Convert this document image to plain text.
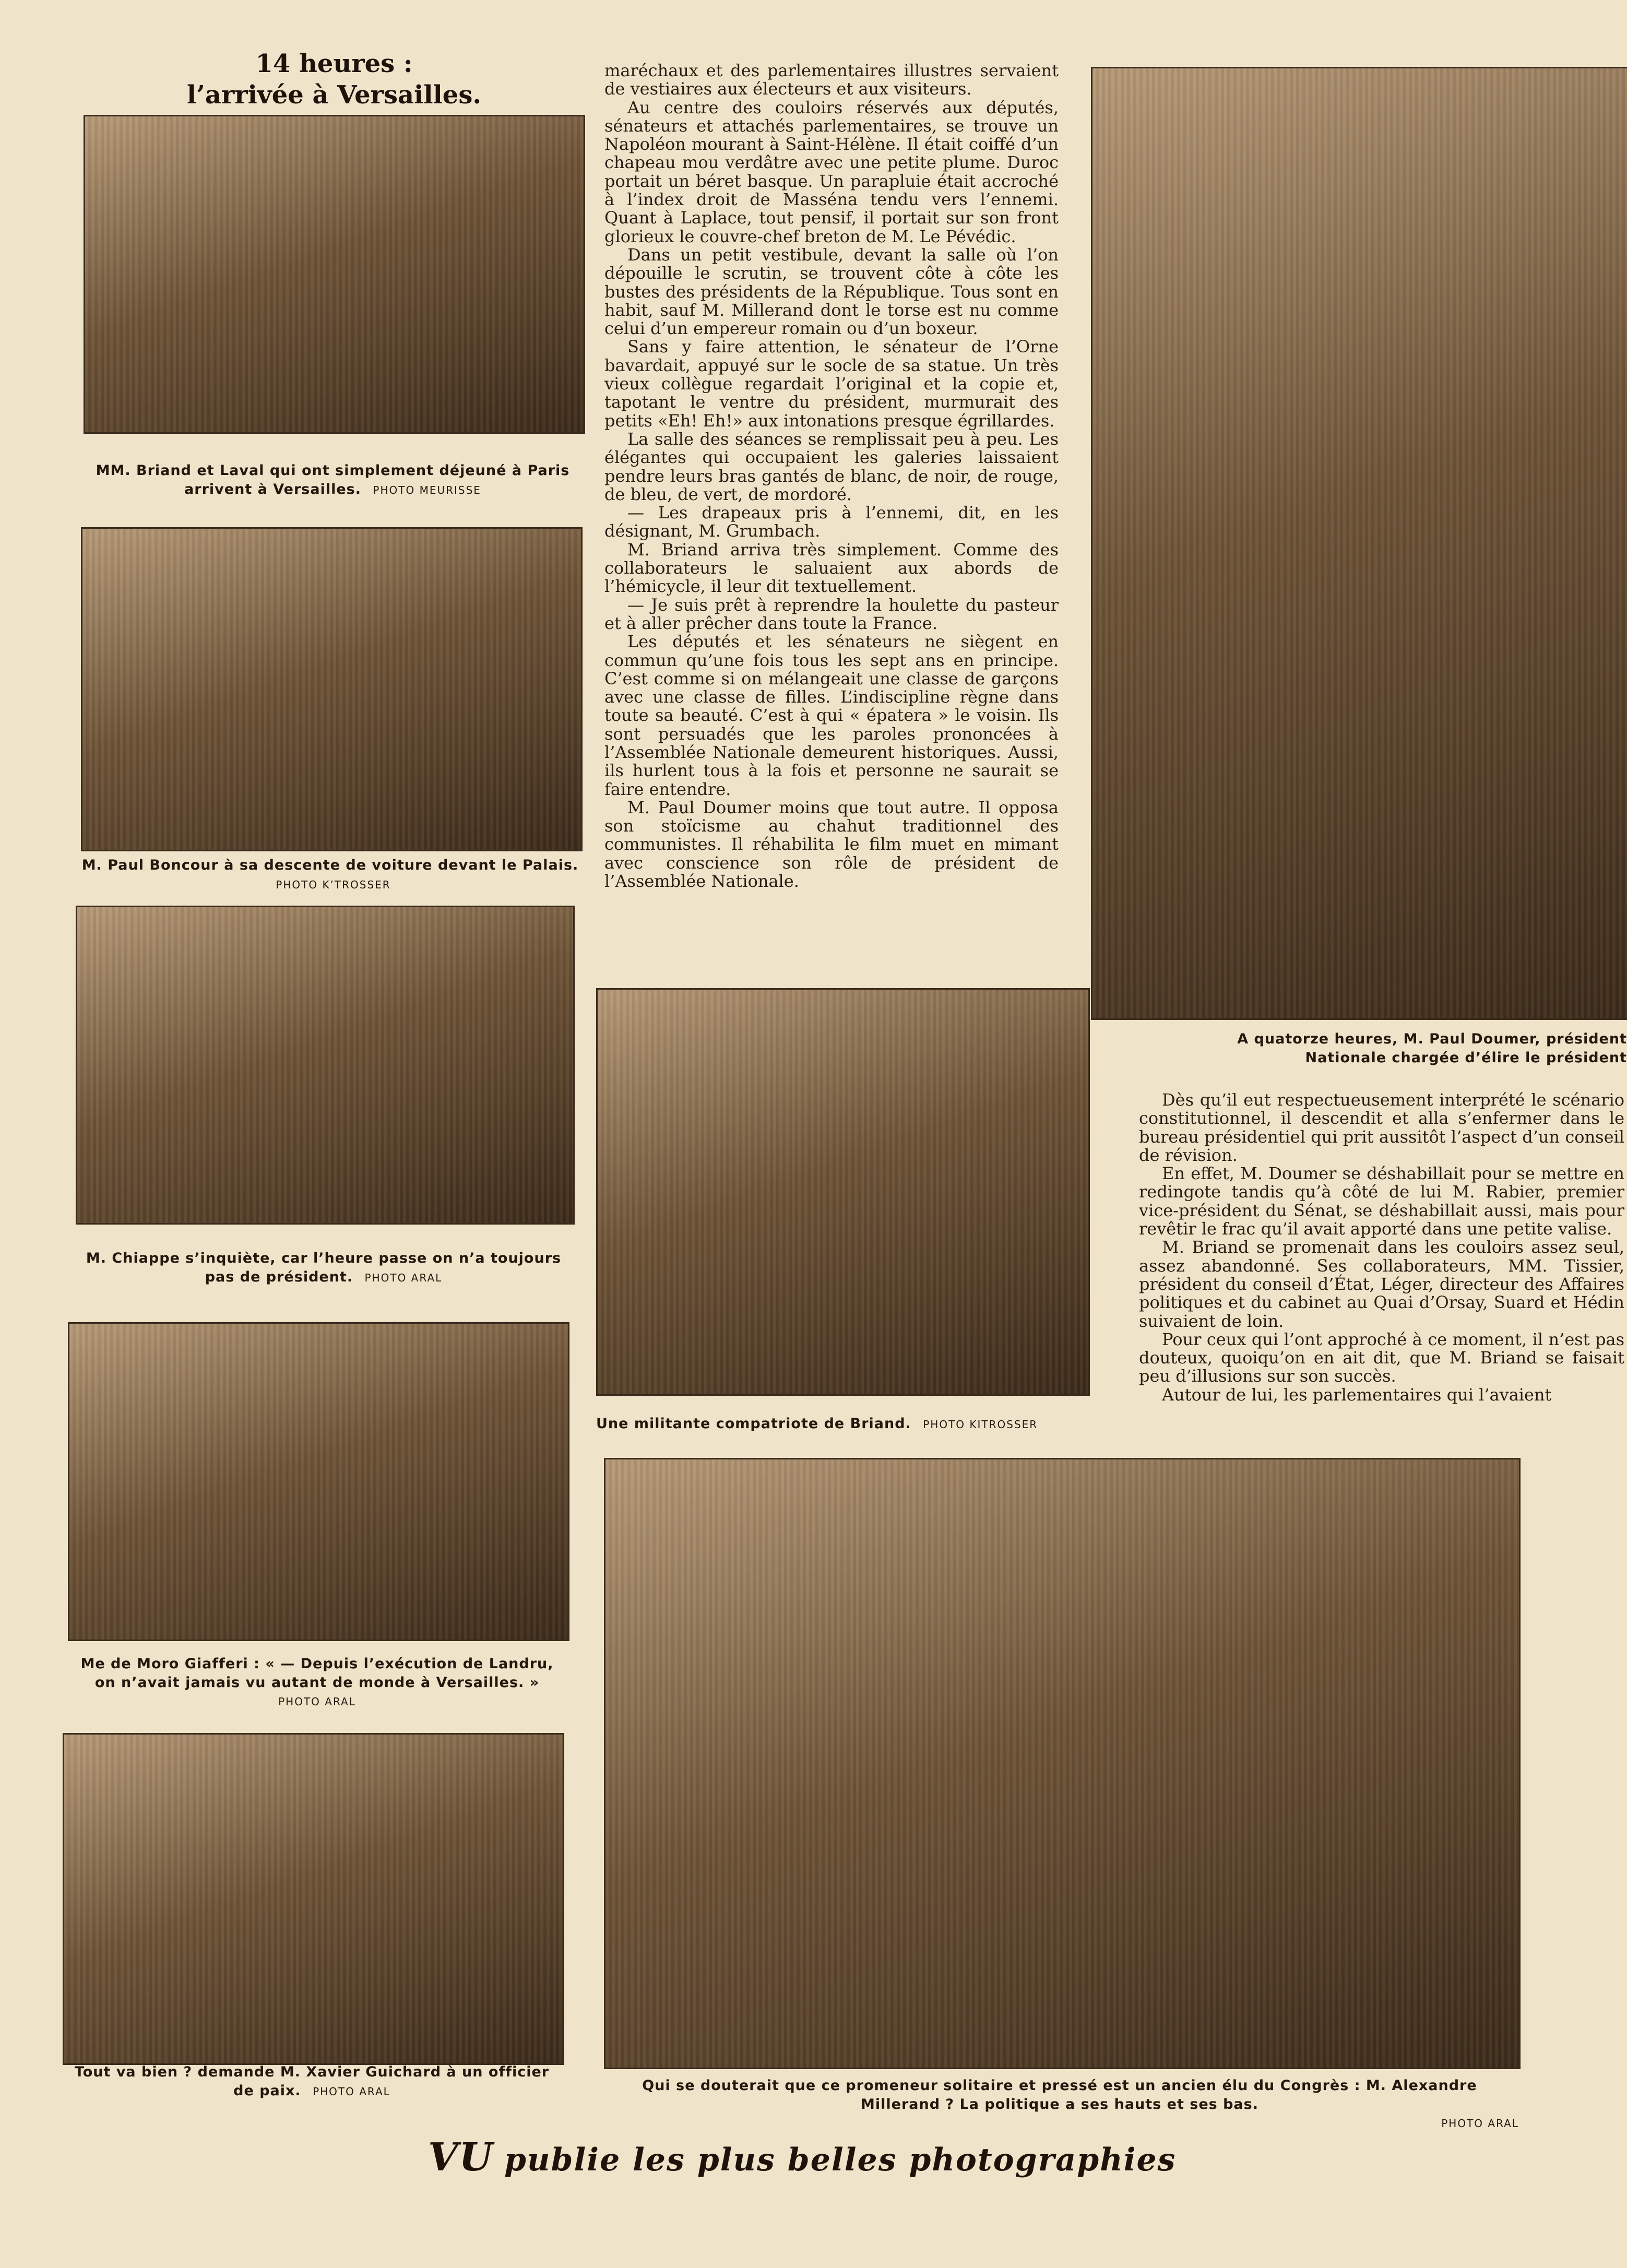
14 heures :
l’arrivée à Versailles.
MM. Briand et Laval qui ont simplement déjeuné à Paris arrivent à Versailles. PHOTO MEURISSE
M. Paul Boncour à sa descente de voiture devant le Palais. PHOTO K’TROSSER
M. Chiappe s’inquiète, car l’heure passe on n’a toujours pas de président. PHOTO ARAL
Me de Moro Giafferi : « — Depuis l’exécution de Landru, on n’avait jamais vu autant de monde à Versailles. »
PHOTO ARAL
Tout va bien ? demande M. Xavier Guichard à un officier de paix. PHOTO ARAL

maréchaux et des parlementaires illustres servaient de vestiaires aux électeurs et aux visiteurs.

Au centre des couloirs réservés aux députés, sénateurs et attachés parlementaires, se trouve un Napoléon mourant à Saint-Hélène. Il était coiffé d’un chapeau mou verdâtre avec une petite plume. Duroc portait un béret basque. Un parapluie était accroché à l’index droit de Masséna tendu vers l’ennemi. Quant à Laplace, tout pensif, il portait sur son front glorieux le couvre-chef breton de M. Le Pévédic.

Dans un petit vestibule, devant la salle où l’on dépouille le scrutin, se trouvent côte à côte les bustes des présidents de la République. Tous sont en habit, sauf M. Millerand dont le torse est nu comme celui d’un empereur romain ou d’un boxeur.

Sans y faire attention, le sénateur de l’Orne bavardait, appuyé sur le socle de sa statue. Un très vieux collègue regardait l’original et la copie et, tapotant le ventre du président, murmurait des petits «Eh! Eh!» aux intonations presque égrillardes.

La salle des séances se remplissait peu à peu. Les élégantes qui occupaient les galeries laissaient pendre leurs bras gantés de blanc, de noir, de rouge, de bleu, de vert, de mordoré.

— Les drapeaux pris à l’ennemi, dit, en les désignant, M. Grumbach.

M. Briand arriva très simplement. Comme des collaborateurs le saluaient aux abords de l’hémicycle, il leur dit textuellement.

— Je suis prêt à reprendre la houlette du pasteur et à aller prêcher dans toute la France.

Les députés et les sénateurs ne siègent en commun qu’une fois tous les sept ans en principe. C’est comme si on mélangeait une classe de garçons avec une classe de filles. L’indiscipline règne dans toute sa beauté. C’est à qui « épatera » le voisin. Ils sont persuadés que les paroles prononcées à l’Assemblée Nationale demeurent historiques. Aussi, ils hurlent tous à la fois et personne ne saurait se faire entendre.

M. Paul Doumer moins que tout autre. Il opposa son stoïcisme au chahut traditionnel des communistes. Il réhabilita le film muet en mimant avec conscience son rôle de président de l’Assemblée Nationale.

Une militante compatriote de Briand. PHOTO KITROSSER
A quatorze heures, M. Paul Doumer, président
Nationale chargée d’élire le président

Dès qu’il eut respectueusement interprété le scénario constitutionnel, il descendit et alla s’enfermer dans le bureau présidentiel qui prit aussitôt l’aspect d’un conseil de révision.

En effet, M. Doumer se déshabillait pour se mettre en redingote tandis qu’à côté de lui M. Rabier, premier vice-président du Sénat, se déshabillait aussi, mais pour revêtir le frac qu’il avait apporté dans une petite valise.

M. Briand se promenait dans les couloirs assez seul, assez abandonné. Ses collaborateurs, MM. Tissier, président du conseil d’État, Léger, directeur des Affaires politiques et du cabinet au Quai d’Orsay, Suard et Hédin suivaient de loin.

Pour ceux qui l’ont approché à ce moment, il n’est pas douteux, quoiqu’on en ait dit, que M. Briand se faisait peu d’illusions sur son succès.

Autour de lui, les parlementaires qui l’avaient

Qui se douterait que ce promeneur solitaire et pressé est un ancien élu du Congrès : M. Alexandre Millerand ? La politique a ses hauts et ses bas.
PHOTO ARAL
VU publie les plus belles photographies
